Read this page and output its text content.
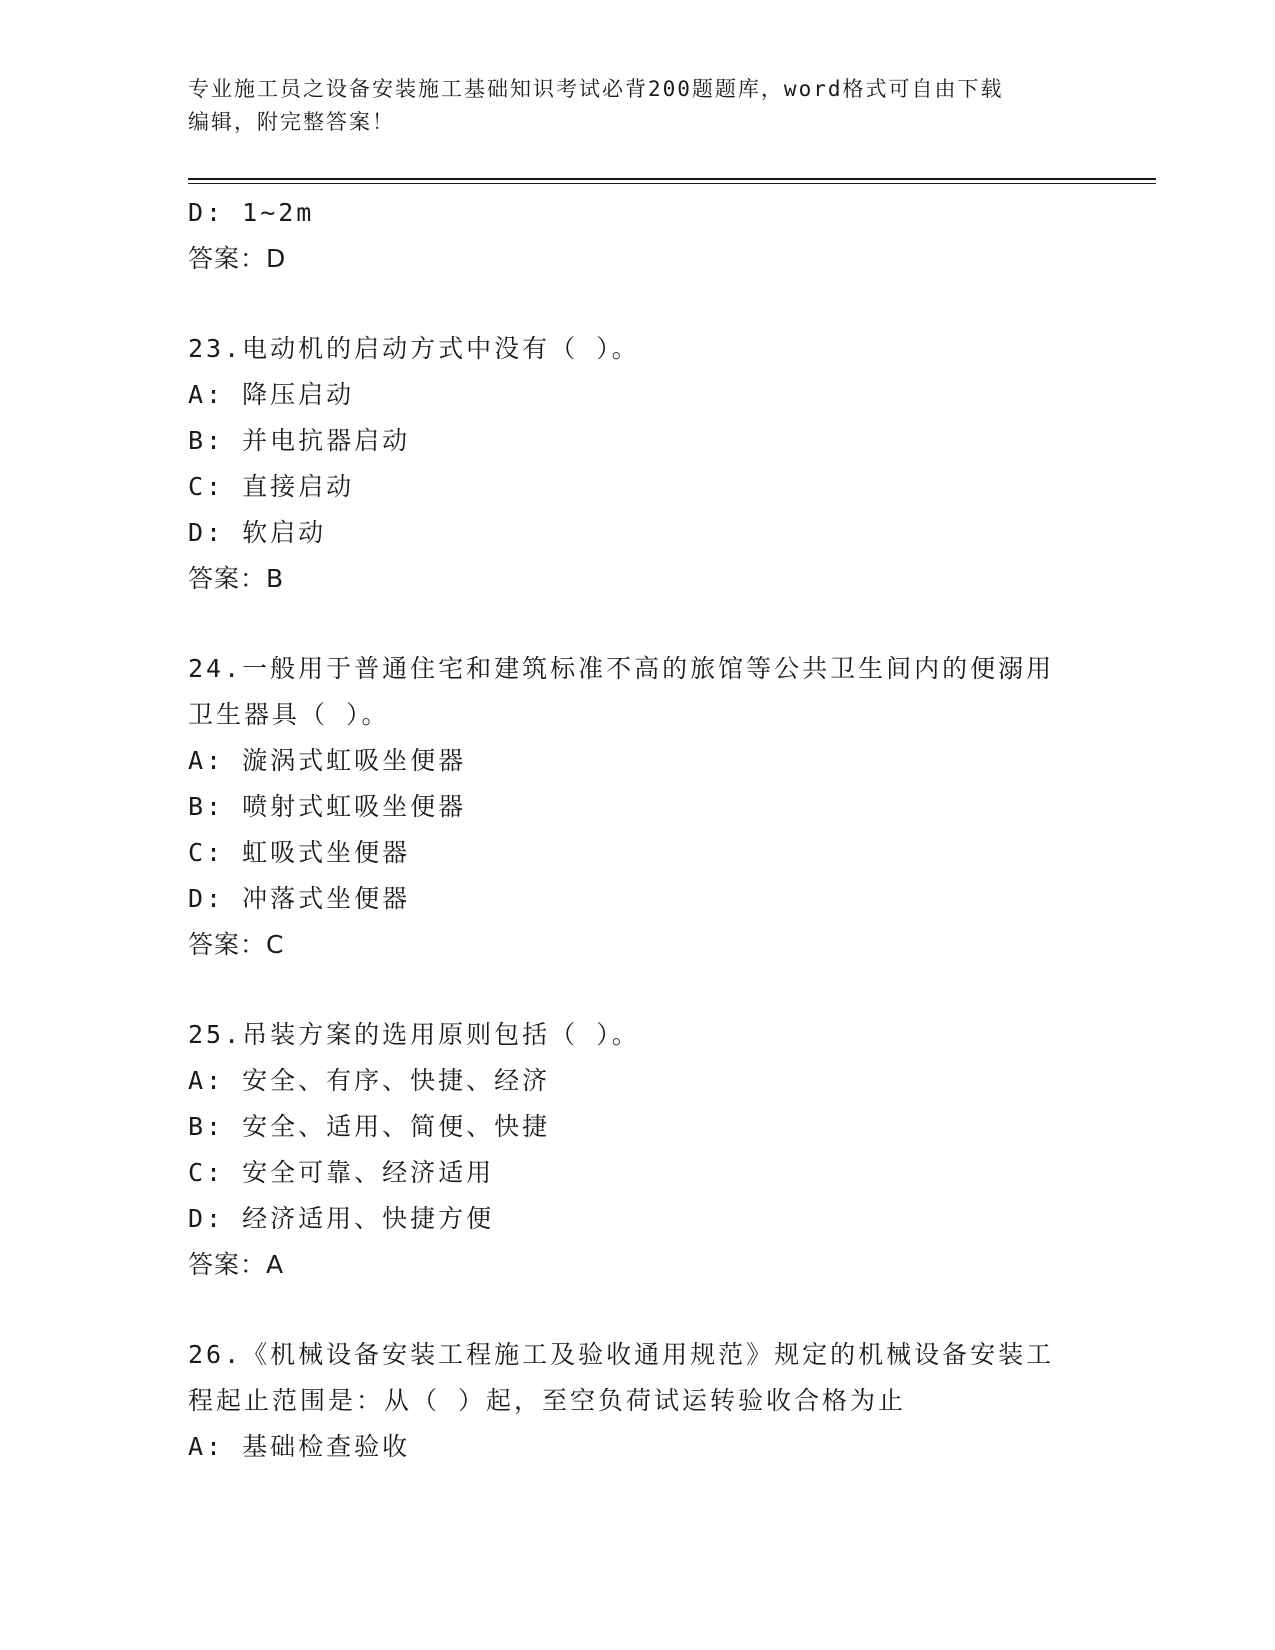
专业施工员之设备安装施工基础知识考试必背200题题库，word格式可自由下载
编辑，附完整答案！
D: 1~2m
答案：D
23.电动机的启动方式中没有（ ）。
A: 降压启动
B: 并电抗器启动
C: 直接启动
D: 软启动
答案：B
24.一般用于普通住宅和建筑标准不高的旅馆等公共卫生间内的便溺用
卫生器具（ ）。
A: 漩涡式虹吸坐便器
B: 喷射式虹吸坐便器
C: 虹吸式坐便器
D: 冲落式坐便器
答案：C
25.吊装方案的选用原则包括（ ）。
A: 安全、有序、快捷、经济
B: 安全、适用、简便、快捷
C: 安全可靠、经济适用
D: 经济适用、快捷方便
答案：A
26.《机械设备安装工程施工及验收通用规范》规定的机械设备安装工
程起止范围是：从（ ）起，至空负荷试运转验收合格为止
A: 基础检查验收
